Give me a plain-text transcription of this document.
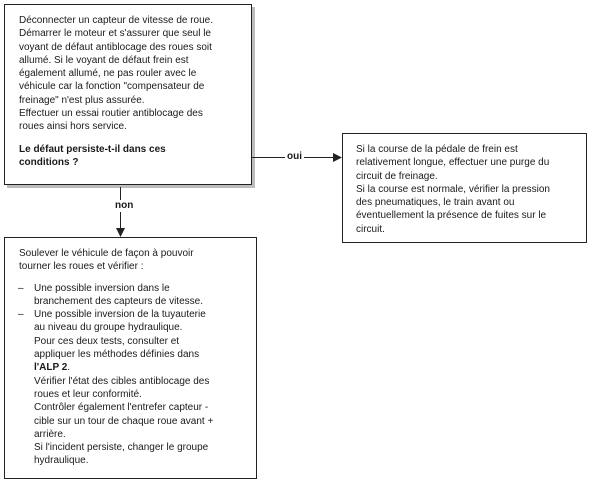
Déconnecter un capteur de vitesse de roue.

Démarrer le moteur et s'assurer que seul le

voyant de défaut antiblocage des roues soit

allumé. Si le voyant de défaut frein est

également allumé, ne pas rouler avec le

véhicule car la fonction "compensateur de

freinage" n'est plus assurée.

Effectuer un essai routier antiblocage des

roues ainsi hors service.

Le défaut persiste-t-il dans ces

conditions ?

Si la course de la pédale de frein est

relativement longue, effectuer une purge du

circuit de freinage.

Si la course est normale, vérifier la pression

des pneumatiques, le train avant ou

éventuellement la présence de fuites sur le

circuit.

Soulever le véhicule de façon à pouvoir

tourner les roues et vérifier :

– Une possible inversion dans le

branchement des capteurs de vitesse.

– Une possible inversion de la tuyauterie

au niveau du groupe hydraulique.

Pour ces deux tests, consulter et

appliquer les méthodes définies dans

l'ALP 2.

Vérifier l'état des cibles antiblocage des

roues et leur conformité.

Contrôler également l'entrefer capteur -

cible sur un tour de chaque roue avant +

arrière.

Si l'incident persiste, changer le groupe

hydraulique.

oui
non
